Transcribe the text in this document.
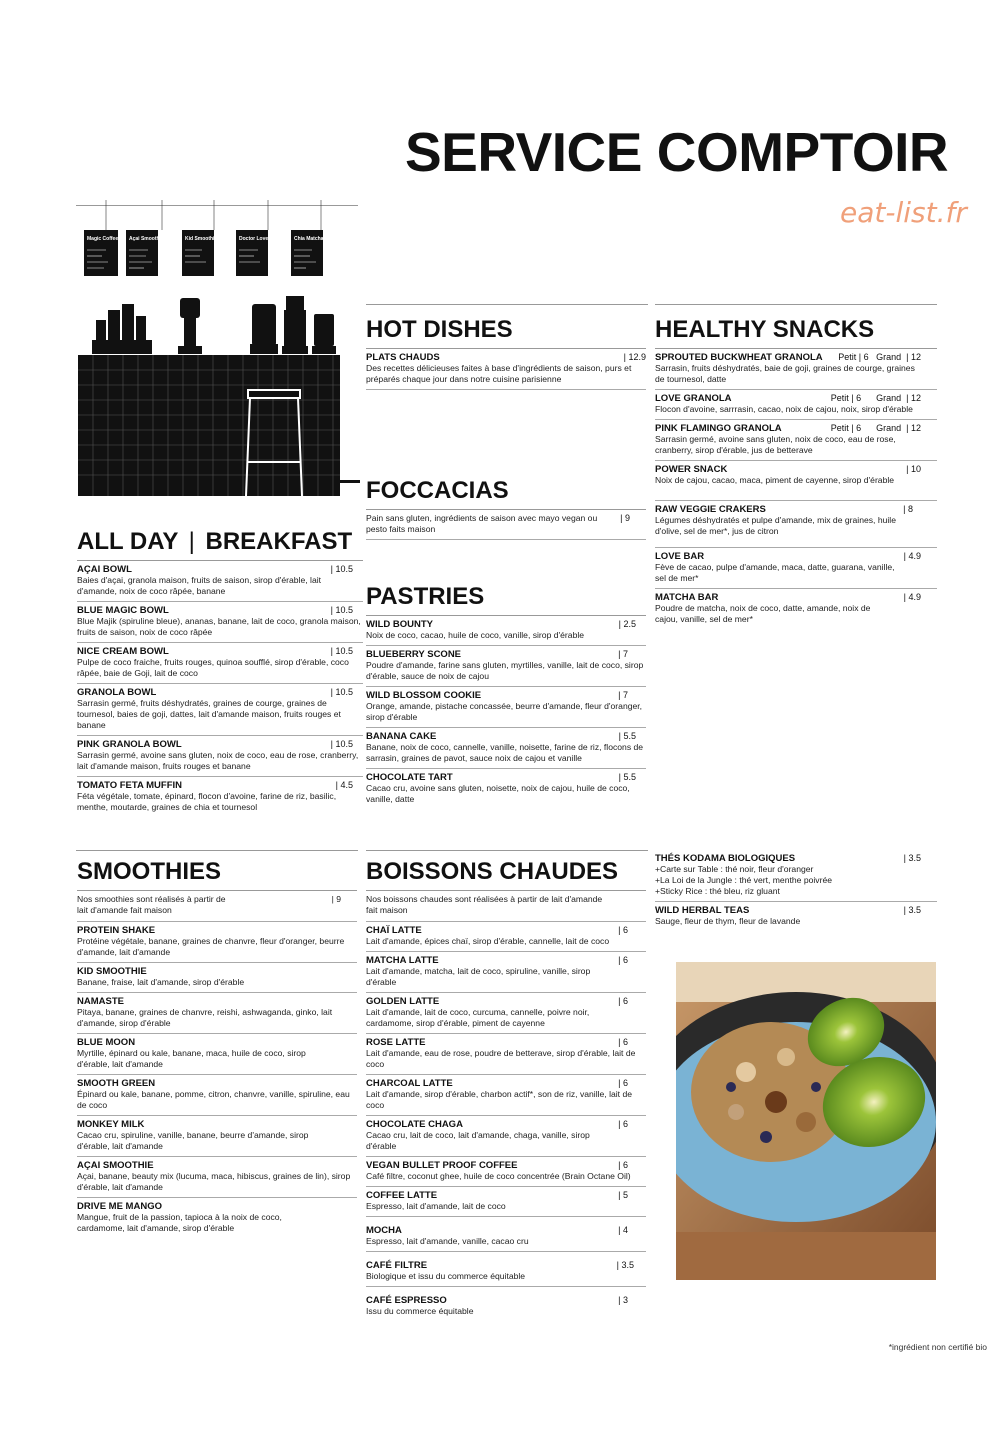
SERVICE COMPTOIR
eat-list.fr
Magic Coffee Açai Smoothie	Kid Smoothie	Doctor Love	Chia Matcha
ALL DAY | BREAKFAST
AÇAI BOWL	| 10.5
Baies d'açai, granola maison, fruits de saison, sirop d'érable, lait d'amande, noix de coco râpée, banane
BLUE MAGIC BOWL	| 10.5
Blue Majik (spiruline bleue), ananas, banane, lait de coco, granola maison, fruits de saison, noix de coco râpée
NICE CREAM BOWL	| 10.5
Pulpe de coco fraiche, fruits rouges, quinoa soufflé, sirop d'érable, coco râpée, baie de Goji, lait de coco
GRANOLA BOWL	| 10.5
Sarrasin germé, fruits déshydratés, graines de courge, graines de tournesol, baies de goji, dattes, lait d'amande maison, fruits rouges et banane
PINK GRANOLA BOWL	| 10.5
Sarrasin germé, avoine sans gluten, noix de coco, eau de rose, cranberry, lait d'amande maison, fruits rouges et banane
TOMATO FETA MUFFIN	| 4.5
Féta végétale, tomate, épinard, flocon d'avoine, farine de riz, basilic, menthe, moutarde, graines de chia et tournesol
HOT DISHES
PLATS CHAUDS	| 12.9
Des recettes délicieuses faites à base d'ingrédients de saison, purs et préparés chaque jour dans notre cuisine parisienne
FOCCACIAS
Pain sans gluten, ingrédients de saison avec mayo vegan ou pesto faits maison
| 9
PASTRIES
WILD BOUNTY	| 2.5
Noix de coco, cacao, huile de coco, vanille, sirop d'érable
BLUEBERRY SCONE	| 7
Poudre d'amande, farine sans gluten, myrtilles, vanille, lait de coco, sirop d'érable, sauce de noix de cajou
WILD BLOSSOM COOKIE	| 7
Orange, amande, pistache concassée, beurre d'amande, fleur d'oranger, sirop d'érable
BANANA CAKE	| 5.5
Banane, noix de coco, cannelle, vanille, noisette, farine de riz, flocons de sarrasin, graines de pavot, sauce noix de cajou et vanille
CHOCOLATE TART	| 5.5
Cacao cru, avoine sans gluten, noisette, noix de cajou, huile de coco, vanille, datte
HEALTHY SNACKS
SPROUTED BUCKWHEAT GRANOLA	Petit | 6   Grand  | 12
Sarrasin, fruits déshydratés, baie de goji, graines de courge, graines de tournesol, datte
LOVE GRANOLA	Petit | 6      Grand  | 12
Flocon d'avoine, sarrrasin, cacao, noix de cajou, noix, sirop d'érable
PINK FLAMINGO GRANOLA	Petit | 6      Grand  | 12
Sarrasin germé, avoine sans gluten, noix de coco, eau de rose, cranberry, sirop d'érable, jus de betterave
POWER SNACK	| 10
Noix de cajou, cacao, maca, piment de cayenne, sirop d'érable
RAW VEGGIE CRAKERS	| 8
Légumes déshydratés et pulpe d'amande, mix de graines, huile d'olive, sel de mer*, jus de citron
LOVE BAR	| 4.9
Fève de cacao, pulpe d'amande, maca, datte, guarana, vanille, sel de mer*
MATCHA BAR	| 4.9
Poudre de matcha, noix de coco, datte, amande, noix de cajou, vanille, sel de mer*
SMOOTHIES
Nos smoothies sont réalisés à partir de lait d'amande fait maison
| 9
PROTEIN SHAKE
Protéine végétale, banane, graines de chanvre, fleur d'oranger, beurre d'amande, lait d'amande
KID SMOOTHIE
Banane, fraise, lait d'amande, sirop d'érable
NAMASTE
Pitaya, banane, graines de chanvre, reishi, ashwaganda, ginko, lait d'amande, sirop d'érable
BLUE MOON
Myrtille, épinard ou kale, banane, maca, huile de coco, sirop d'érable, lait d'amande
SMOOTH GREEN
Épinard ou kale, banane, pomme, citron, chanvre, vanille, spiruline, eau de coco
MONKEY MILK
Cacao cru, spiruline, vanille, banane, beurre d'amande, sirop d'érable, lait d'amande
AÇAI SMOOTHIE
Açai, banane, beauty mix (lucuma, maca, hibiscus, graines de lin), sirop d'érable, lait d'amande
DRIVE ME MANGO
Mangue, fruit de la passion, tapioca à la noix de coco, cardamome, lait d'amande, sirop d'érable
BOISSONS CHAUDES
Nos boissons chaudes sont réalisées à partir de lait d'amande fait maison
CHAÏ LATTE	| 6
Lait d'amande, épices chaï, sirop d'érable, cannelle, lait de coco
MATCHA LATTE	| 6
Lait d'amande, matcha, lait de coco, spiruline, vanille, sirop d'érable
GOLDEN LATTE	| 6
Lait d'amande, lait de coco, curcuma, cannelle, poivre noir, cardamome, sirop d'érable, piment de cayenne
ROSE LATTE	| 6
Lait d'amande, eau de rose, poudre de betterave, sirop d'érable, lait de coco
CHARCOAL LATTE	| 6
Lait d'amande, sirop d'érable, charbon actif*, son de riz, vanille, lait de coco
CHOCOLATE CHAGA	| 6
Cacao cru, lait de coco, lait d'amande, chaga, vanille, sirop d'érable
VEGAN BULLET PROOF COFFEE	| 6
Café filtre, coconut ghee, huile de coco concentrée (Brain Octane Oil)
COFFEE LATTE	| 5
Espresso, lait d'amande, lait de coco
MOCHA	| 4
Espresso, lait d'amande, vanille, cacao cru
CAFÉ FILTRE	| 3.5
Biologique et issu du commerce équitable
CAFÉ ESPRESSO	| 3
Issu du commerce équitable
THÉS KODAMA BIOLOGIQUES	| 3.5
+Carte sur Table : thé noir, fleur d'oranger
+La Loi de la Jungle : thé vert, menthe poivrée
+Sticky Rice : thé bleu, riz gluant
WILD HERBAL TEAS	| 3.5
Sauge, fleur de thym, fleur de lavande
*ingrédient non certifié bio
